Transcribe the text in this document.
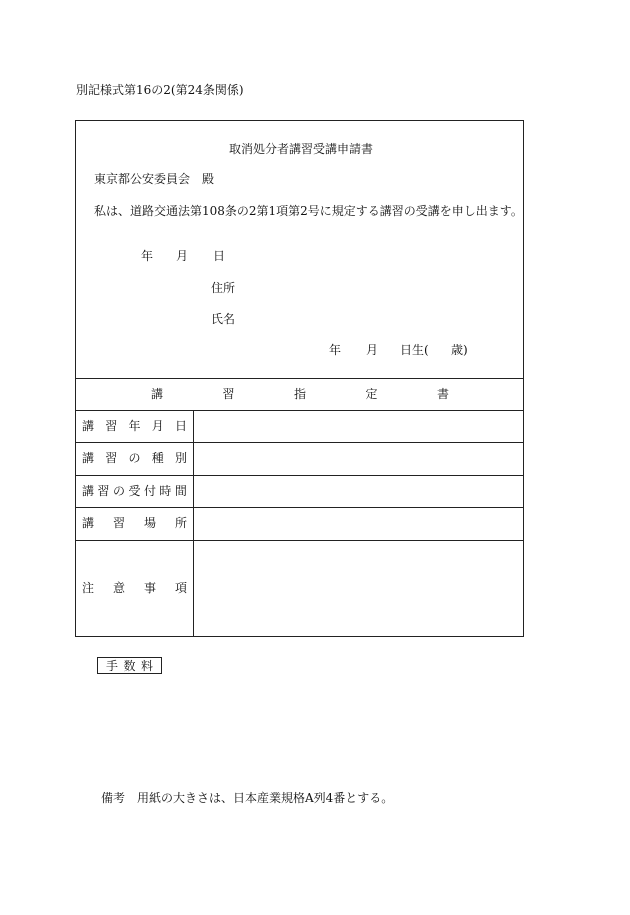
別記様式第16の2(第24条関係)
取消処分者講習受講申請書
東京都公安委員会　殿
私は、道路交通法第108条の2第1項第2号に規定する講習の受講を申し出ます。
年 月 日
住所
氏名
年 月 日生( 歳)
講	習	指	定	書
講 習 年 月 日
講 習 の 種 別
講 習 の 受 付 時 間
講 習 場 所
注 意 事 項
手 数 料
備考 用紙の大きさは、日本産業規格A列4番とする。
